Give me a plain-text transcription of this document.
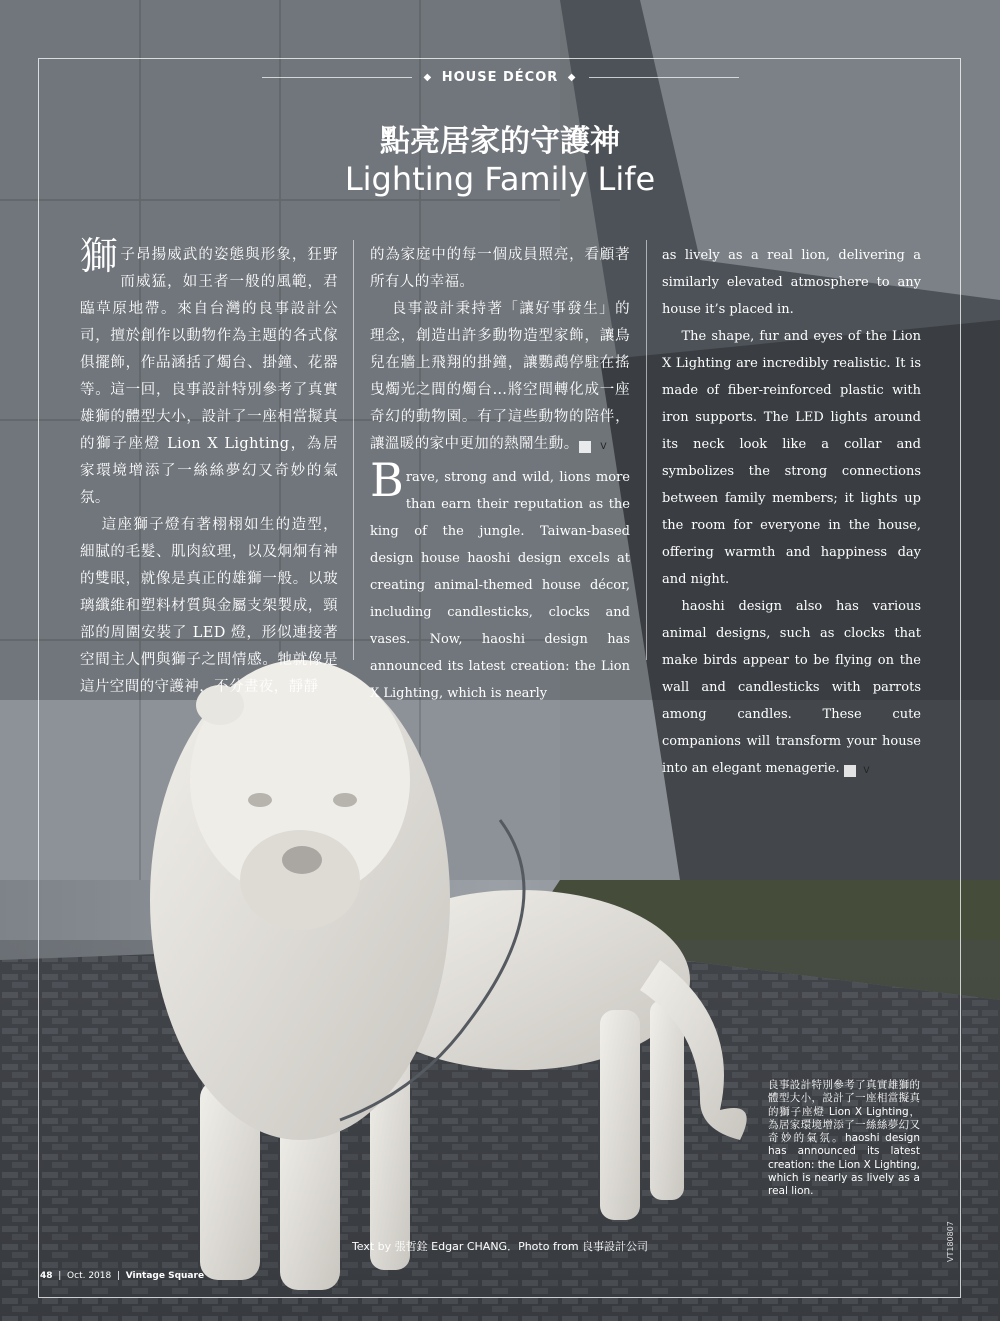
◆ HOUSE DÉCOR ◆
點亮居家的守護神
Lighting Family Life

獅子昂揚威武的姿態與形象，狂野而威猛，如王者一般的風範，君臨草原地帶。來自台灣的良事設計公司，擅於創作以動物作為主題的各式傢俱擺飾，作品涵括了燭台、掛鐘、花器等。這一回，良事設計特別參考了真實雄獅的體型大小，設計了一座相當擬真的獅子座燈 Lion X Lighting，為居家環境增添了一絲絲夢幻又奇妙的氣氛。

這座獅子燈有著栩栩如生的造型，細膩的毛髮、肌肉紋理，以及炯炯有神的雙眼，就像是真正的雄獅一般。以玻璃纖維和塑料材質與金屬支架製成，頸部的周圍安裝了 LED 燈，形似連接著空間主人們與獅子之間情感。牠就像是這片空間的守護神，不分晝夜，靜靜

的為家庭中的每一個成員照亮，看顧著所有人的幸福。

良事設計秉持著「讓好事發生」的理念，創造出許多動物造型家飾，讓鳥兒在牆上飛翔的掛鐘，讓鸚鵡停駐在搖曳燭光之間的燭台…將空間轉化成一座奇幻的動物園。有了這些動物的陪伴，讓溫暖的家中更加的熱鬧生動。 V

Brave, strong and wild, lions more than earn their reputation as the king of the jungle. Taiwan-based design house haoshi design excels at creating animal-themed house décor, including candlesticks, clocks and vases. Now, haoshi design has announced its latest creation: the Lion X Lighting, which is nearly

as lively as a real lion, delivering a similarly elevated atmosphere to any house it’s placed in.

The shape, fur and eyes of the Lion X Lighting are incredibly realistic. It is made of fiber-reinforced plastic with iron supports. The LED lights around its neck look like a collar and symbolizes the strong connections between family members; it lights up the room for everyone in the house, offering warmth and happiness day and night.

haoshi design also has various animal designs, such as clocks that make birds appear to be flying on the wall and candlesticks with parrots among candles. These cute companions will transform your house into an elegant menagerie.	V

良事設計特別參考了真實雄獅的體型大小，設計了一座相當擬真的獅子座燈 Lion X Lighting，為居家環境增添了一絲絲夢幻又奇妙的氣氛。haoshi design has announced its latest creation: the Lion X Lighting, which is nearly as lively as a real lion.
Text by 張哲銓 Edgar CHANG．Photo from 良事設計公司
48  |  Oct. 2018  |  Vintage Square
VT180807
